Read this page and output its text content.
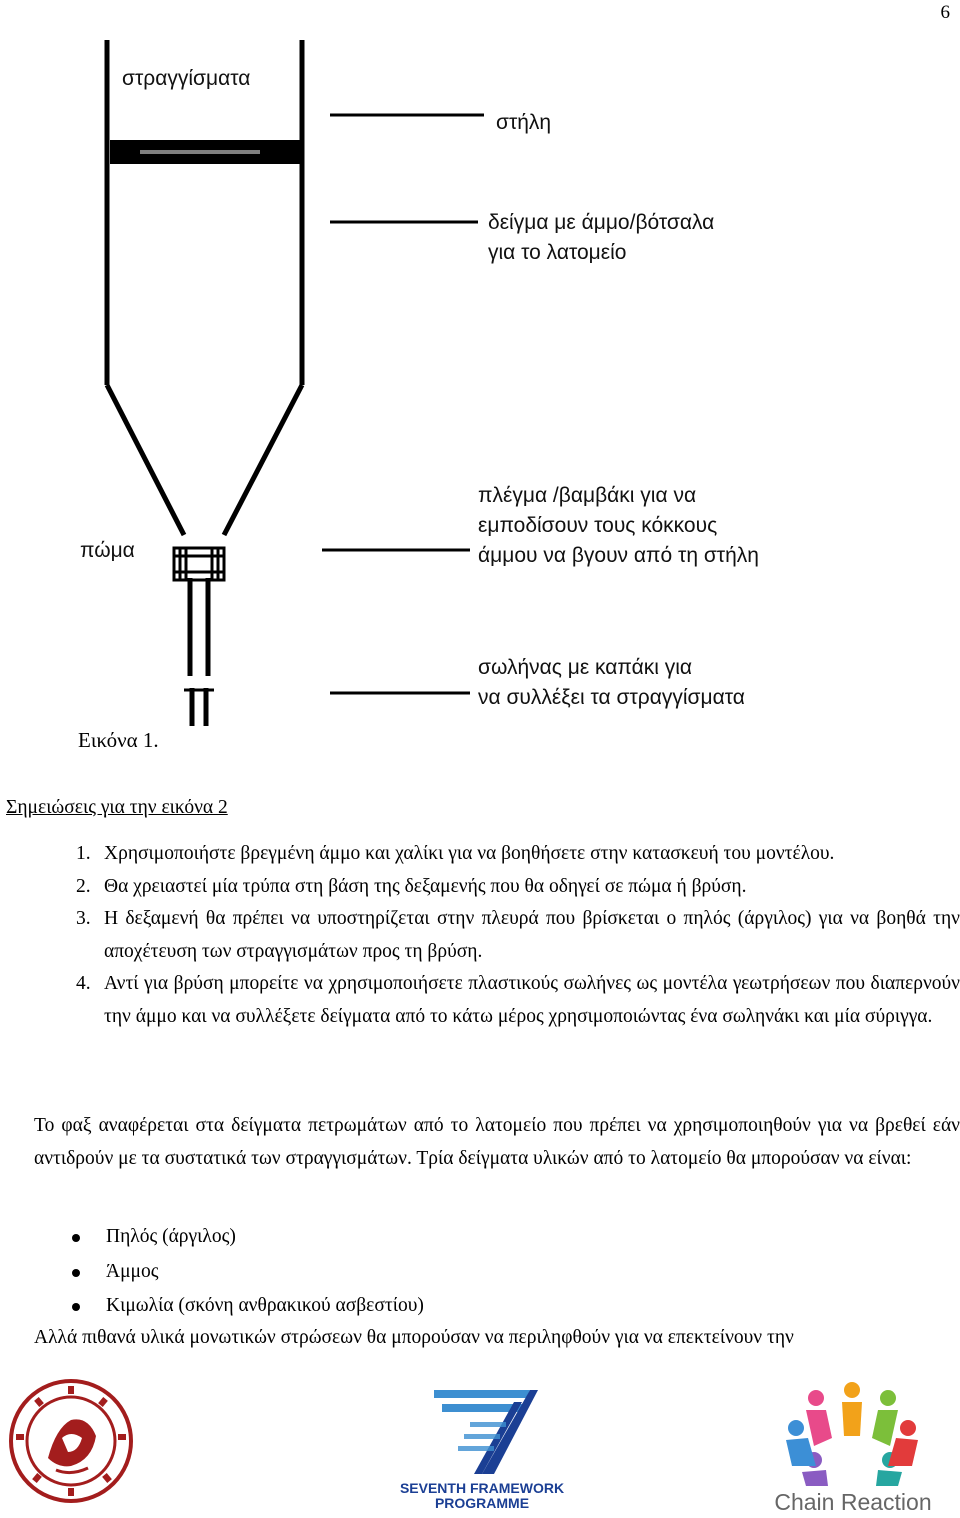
6
στραγγίσματα
στήλη
δείγμα με άμμο/βότσαλα
για το λατομείο
πλέγμα /βαμβάκι για να
εμποδίσουν τους κόκκους
άμμου να βγουν από τη στήλη
πώμα
σωλήνας με καπάκι για
να συλλέξει τα στραγγίσματα
Εικόνα 1.
Σημειώσεις για την εικόνα 2
1. Χρησιμοποιήστε βρεγμένη άμμο και χαλίκι για να βοηθήσετε στην κατασκευή του μοντέλου.
2. Θα χρειαστεί μία τρύπα στη βάση της δεξαμενής που θα οδηγεί σε πώμα ή βρύση.
3. Η δεξαμενή θα πρέπει να υποστηρίζεται στην πλευρά που βρίσκεται ο πηλός (άργιλος) για να βοηθά την αποχέτευση των στραγγισμάτων προς τη βρύση.
4. Αντί για βρύση μπορείτε να χρησιμοποιήσετε πλαστικούς σωλήνες ως μοντέλα γεωτρήσεων που διαπερνούν την άμμο και να συλλέξετε δείγματα από το κάτω μέρος χρησιμοποιώντας ένα σωληνάκι και μία σύριγγα.
Το φαξ αναφέρεται στα δείγματα πετρωμάτων από το λατομείο που πρέπει να χρησιμοποιηθούν για να βρεθεί εάν αντιδρούν με τα συστατικά των στραγγισμάτων. Τρία δείγματα υλικών από το λατομείο θα μπορούσαν να είναι:
Πηλός (άργιλος)
Άμμος
Κιμωλία (σκόνη ανθρακικού ασβεστίου)
Αλλά πιθανά υλικά μονωτικών στρώσεων θα μπορούσαν να περιληφθούν για να επεκτείνουν την
SEVENTH FRAMEWORK
PROGRAMME	Chain Reaction
